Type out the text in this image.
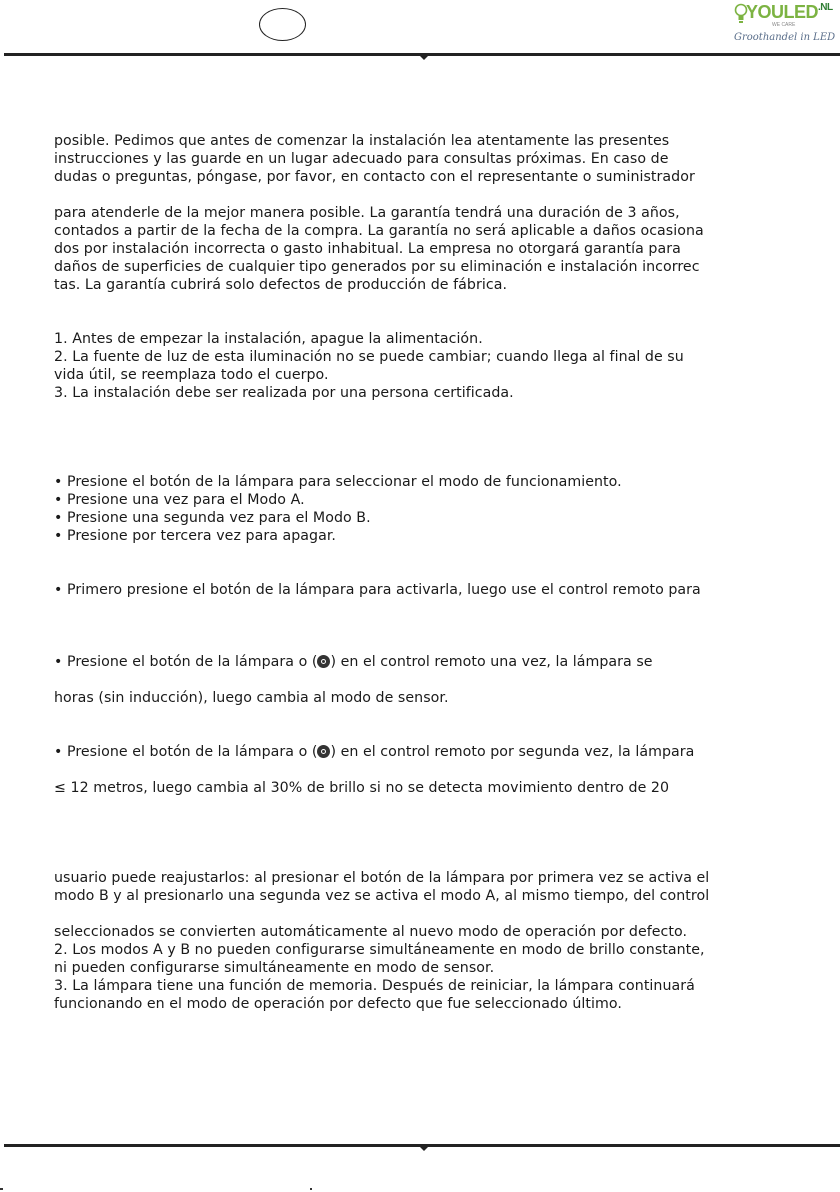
$YOULED^{.NL}$
WE CARE
Groothandel in LED
posible. Pedimos que antes de comenzar la instalación lea atentamente las presentes
instrucciones y las guarde en un lugar adecuado para consultas próximas. En caso de
dudas o preguntas, póngase, por favor, en contacto con el representante o suministrador
para atenderle de la mejor manera posible. La garantía tendrá una duración de 3 años,
contados a partir de la fecha de la compra. La garantía no será aplicable a daños ocasiona
dos por instalación incorrecta o gasto inhabitual. La empresa no otorgará garantía para
daños de superficies de cualquier tipo generados por su eliminación e instalación incorrec
tas. La garantía cubrirá solo defectos de producción de fábrica.
1. Antes de empezar la instalación, apague la alimentación.
2. La fuente de luz de esta iluminación no se puede cambiar; cuando llega al final de su
vida útil, se reemplaza todo el cuerpo.
3. La instalación debe ser realizada por una persona certificada.
• Presione el botón de la lámpara para seleccionar el modo de funcionamiento.
• Presione una vez para el Modo A.
• Presione una segunda vez para el Modo B.
• Presione por tercera vez para apagar.
• Primero presione el botón de la lámpara para activarla, luego use el control remoto para
• Presione el botón de la lámpara o ( ) en el control remoto una vez, la lámpara se
horas (sin inducción), luego cambia al modo de sensor.
• Presione el botón de la lámpara o ( ) en el control remoto por segunda vez, la lámpara
≤ 12 metros, luego cambia al 30% de brillo si no se detecta movimiento dentro de 20
usuario puede reajustarlos: al presionar el botón de la lámpara por primera vez se activa el
modo B y al presionarlo una segunda vez se activa el modo A, al mismo tiempo, del control
seleccionados se convierten automáticamente al nuevo modo de operación por defecto.
2. Los modos A y B no pueden configurarse simultáneamente en modo de brillo constante,
ni pueden configurarse simultáneamente en modo de sensor.
3. La lámpara tiene una función de memoria. Después de reiniciar, la lámpara continuará
funcionando en el modo de operación por defecto que fue seleccionado último.
